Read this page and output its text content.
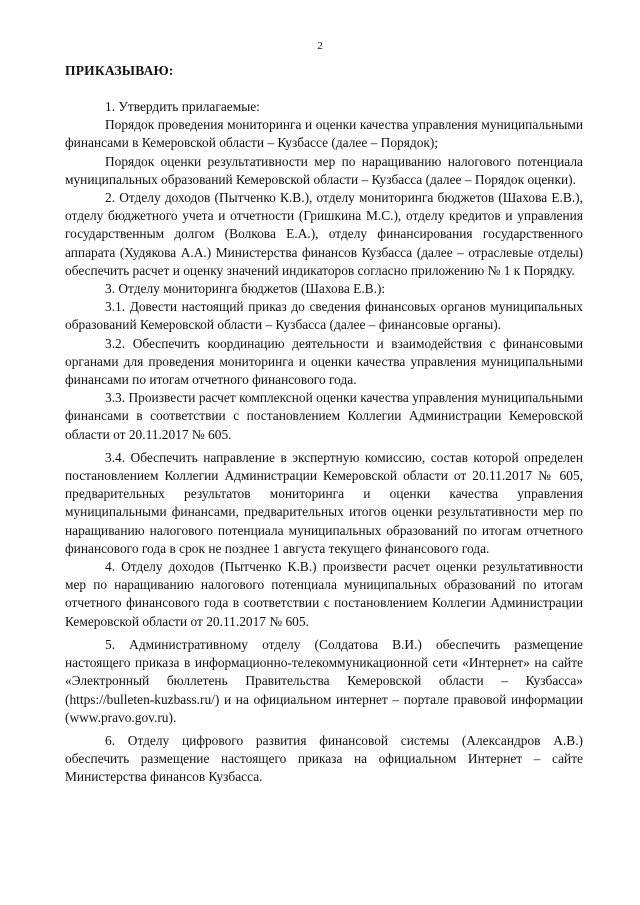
2
ПРИКАЗЫВАЮ:

1. Утвердить прилагаемые:

Порядок проведения мониторинга и оценки качества управления муниципальными финансами в Кемеровской области – Кузбассе (далее – Порядок);

Порядок оценки результативности мер по наращиванию налогового потенциала муниципальных образований Кемеровской области – Кузбасса (далее – Порядок оценки).

2. Отделу доходов (Пытченко К.В.), отделу мониторинга бюджетов (Шахова Е.В.), отделу бюджетного учета и отчетности (Гришкина М.С.), отделу кредитов и управления государственным долгом (Волкова Е.А.), отделу финансирования государственного аппарата (Худякова А.А.) Министерства финансов Кузбасса (далее – отраслевые отделы) обеспечить расчет и оценку значений индикаторов согласно приложению № 1 к Порядку.

3. Отделу мониторинга бюджетов (Шахова Е.В.):

3.1. Довести настоящий приказ до сведения финансовых органов муниципальных образований Кемеровской области – Кузбасса (далее – финансовые органы).

3.2. Обеспечить координацию деятельности и взаимодействия с финансовыми органами для проведения мониторинга и оценки качества управления муниципальными финансами по итогам отчетного финансового года.

3.3. Произвести расчет комплексной оценки качества управления муниципальными финансами в соответствии с постановлением Коллегии Администрации Кемеровской области от 20.11.2017 № 605.

3.4. Обеспечить направление в экспертную комиссию, состав которой определен постановлением Коллегии Администрации Кемеровской области от 20.11.2017 № 605, предварительных результатов мониторинга и оценки качества управления муниципальными финансами, предварительных итогов оценки результативности мер по наращиванию налогового потенциала муниципальных образований по итогам отчетного финансового года в срок не позднее 1 августа текущего финансового года.

4. Отделу доходов (Пытченко К.В.) произвести расчет оценки результативности мер по наращиванию налогового потенциала муниципальных образований по итогам отчетного финансового года в соответствии с постановлением Коллегии Администрации Кемеровской области от 20.11.2017 № 605.

5. Административному отделу (Солдатова В.И.) обеспечить размещение настоящего приказа в информационно-телекоммуникационной сети «Интернет» на сайте «Электронный бюллетень Правительства Кемеровской области – Кузбасса» (https://bulleten-kuzbass.ru/) и на официальном интернет – портале правовой информации (www.pravo.gov.ru).

6. Отделу цифрового развития финансовой системы (Александров А.В.) обеспечить размещение настоящего приказа на официальном Интернет – сайте Министерства финансов Кузбасса.
